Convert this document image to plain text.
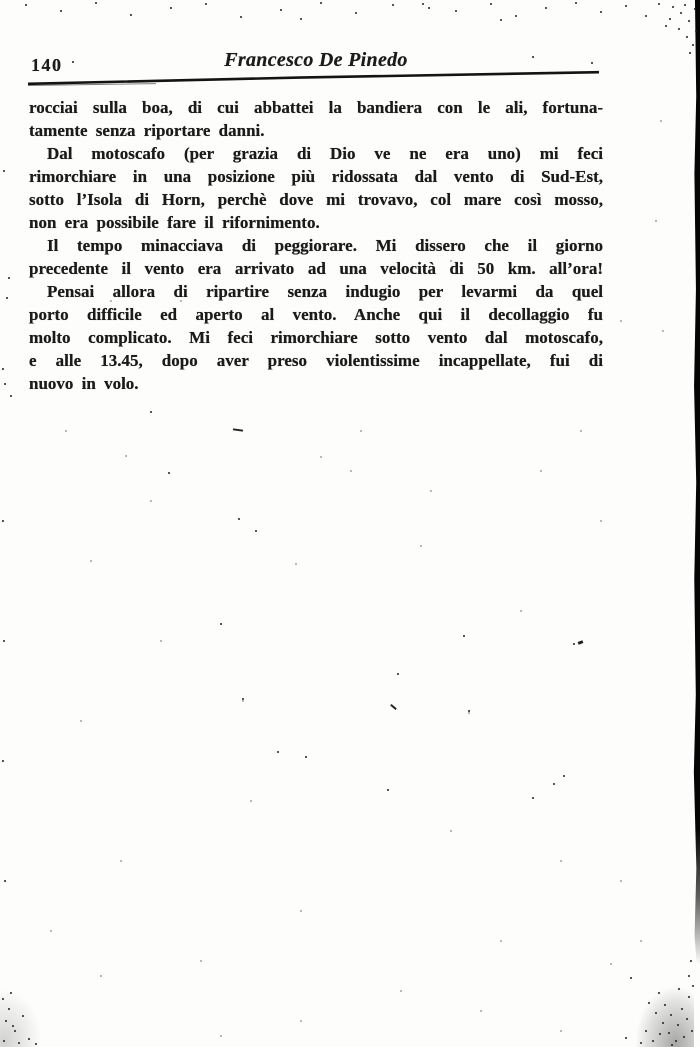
140	Francesco De Pinedo
rocciai sulla boa, di cui abbattei la bandiera con le ali, fortuna-
tamente senza riportare danni.
Dal motoscafo (per grazia di Dio ve ne era uno) mi feci
rimorchiare in una posizione più ridossata dal vento di Sud-Est,
sotto l’Isola di Horn, perchè dove mi trovavo, col mare così mosso,
non era possibile fare il rifornimento.
Il tempo minacciava di peggiorare. Mi dissero che il giorno
precedente il vento era arrivato ad una velocità di 50 km. all’ora!
Pensai allora di ripartire senza indugio per levarmi da quel
porto difficile ed aperto al vento. Anche qui il decollaggio fu
molto complicato. Mi feci rimorchiare sotto vento dal motoscafo,
e alle 13.45, dopo aver preso violentissime incappellate, fui di
nuovo in volo.
